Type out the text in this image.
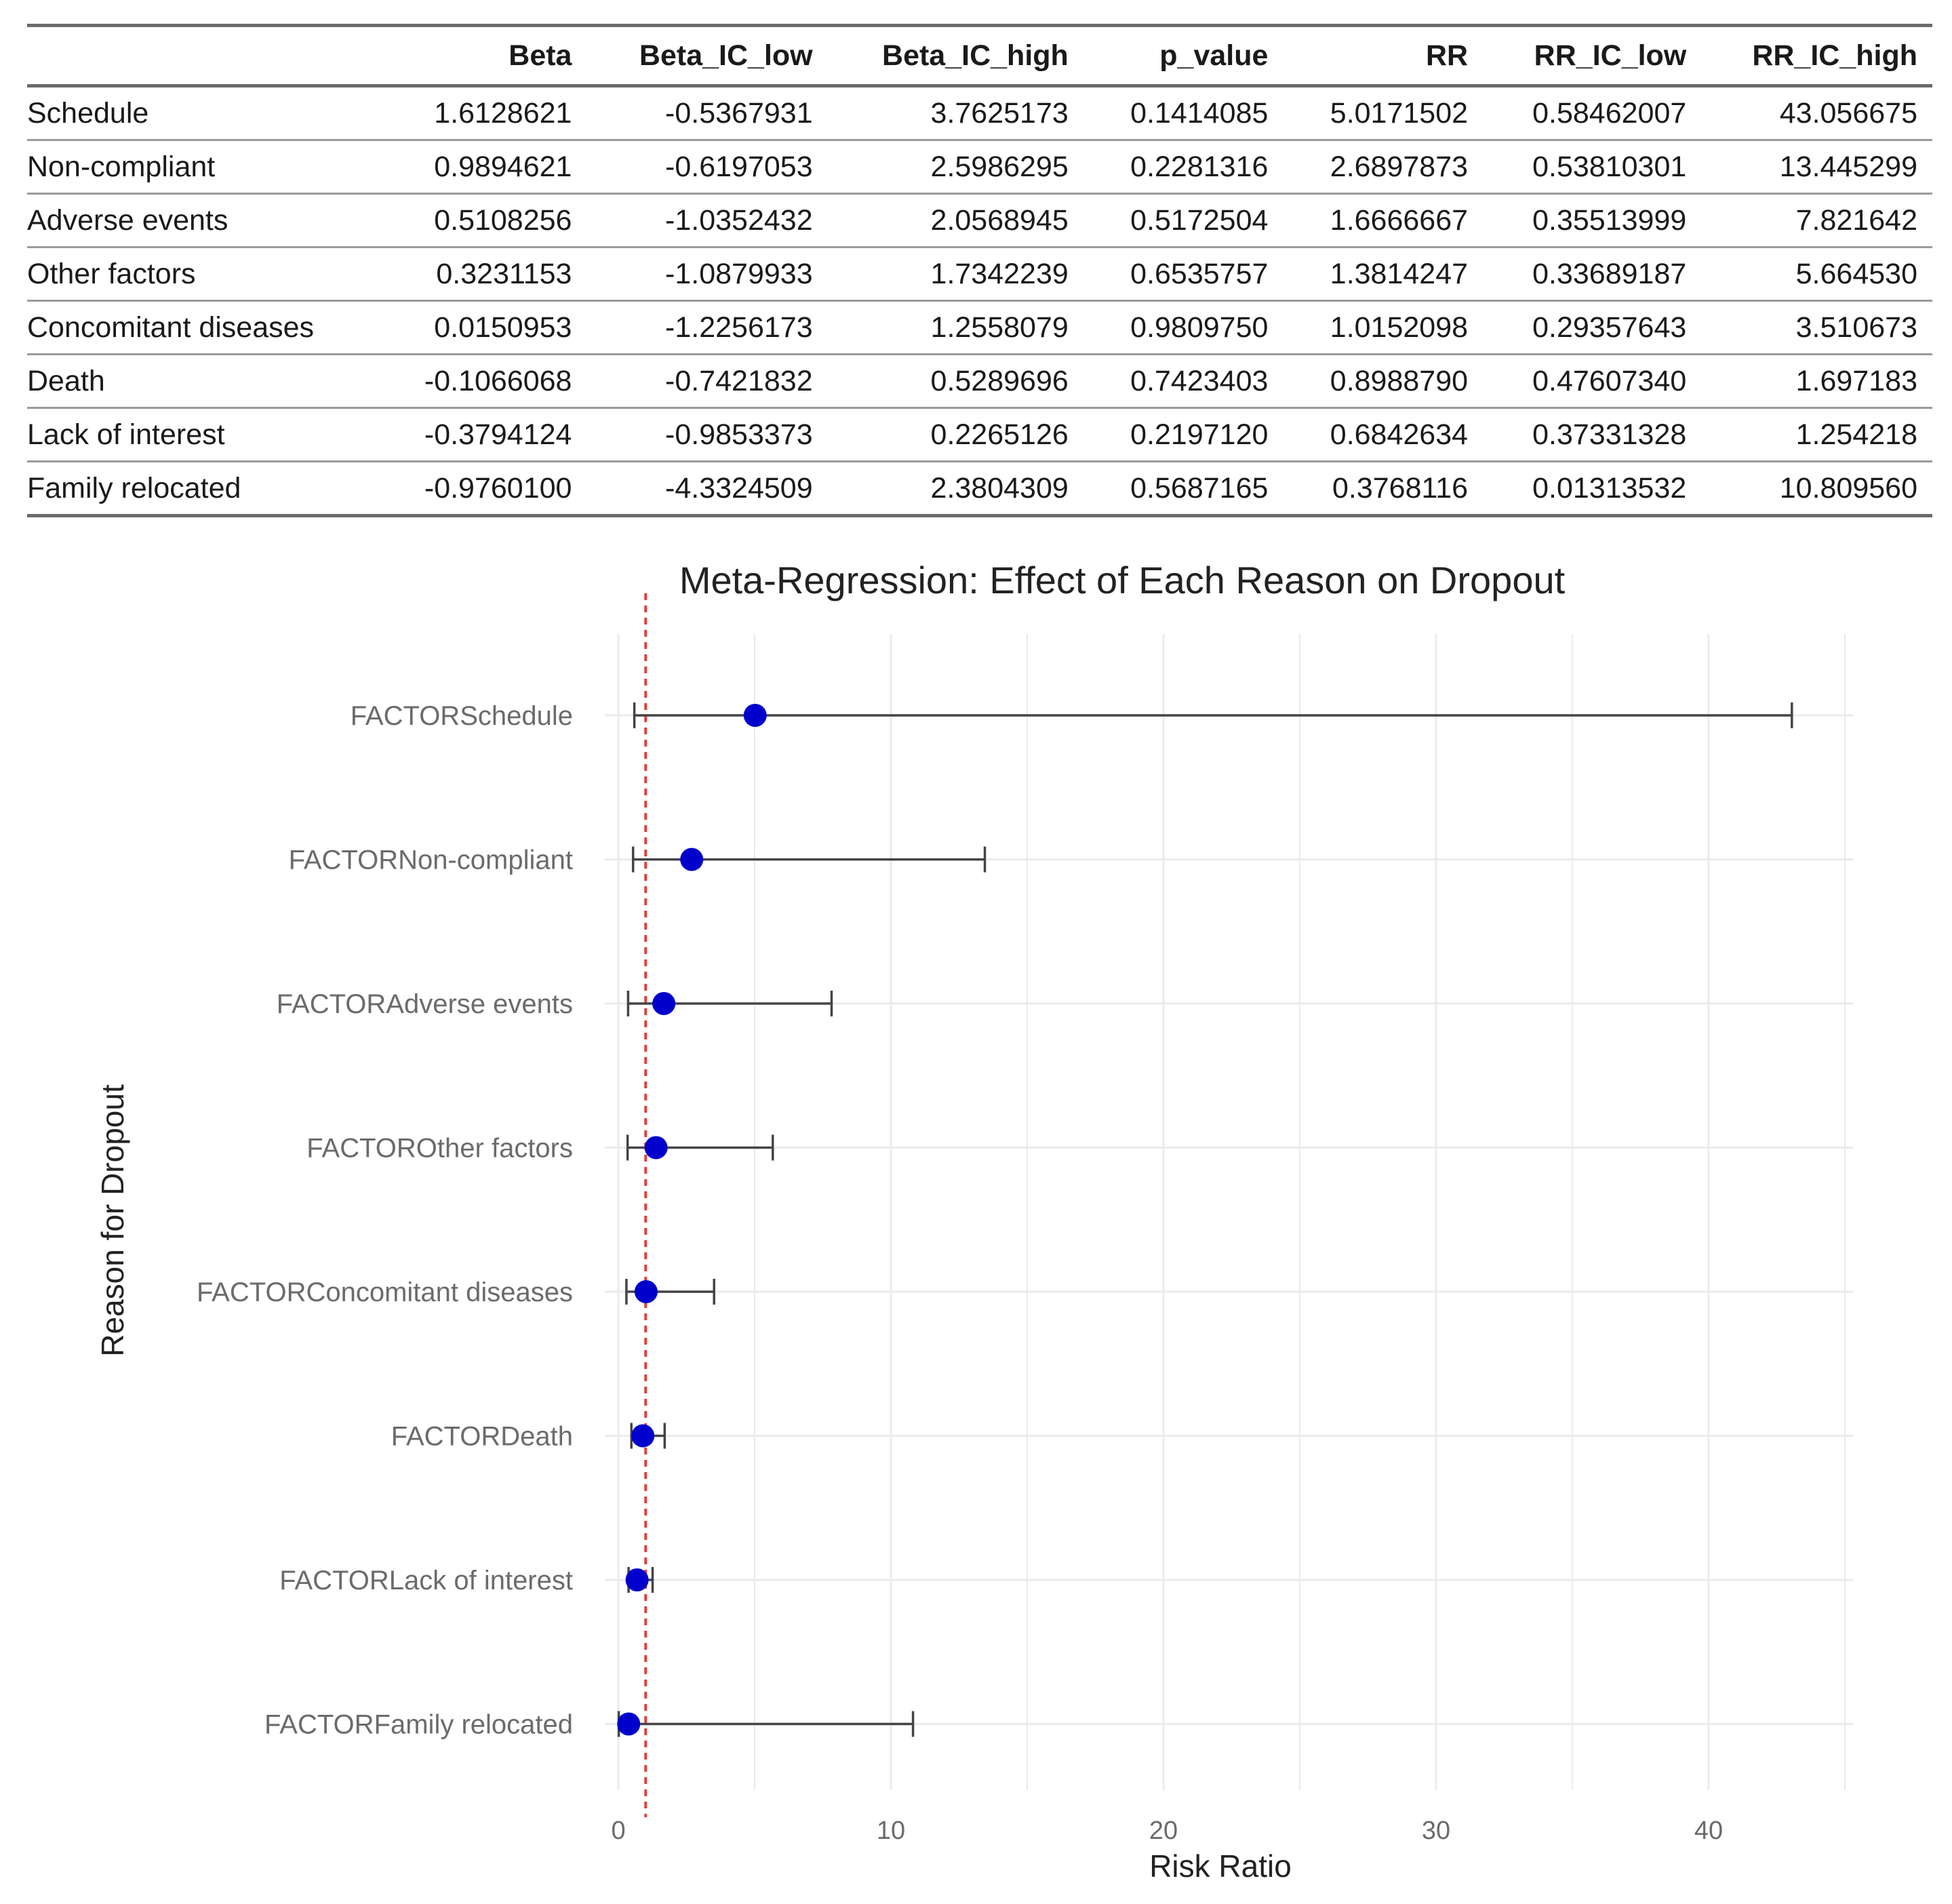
	Beta	Beta_IC_low	Beta_IC_high	p_value	RR	RR_IC_low	RR_IC_high
Schedule	1.6128621	-0.5367931	3.7625173	0.1414085	5.0171502	0.58462007	43.056675
Non-compliant	0.9894621	-0.6197053	2.5986295	0.2281316	2.6897873	0.53810301	13.445299
Adverse events	0.5108256	-1.0352432	2.0568945	0.5172504	1.6666667	0.35513999	7.821642
Other factors	0.3231153	-1.0879933	1.7342239	0.6535757	1.3814247	0.33689187	5.664530
Concomitant diseases	0.0150953	-1.2256173	1.2558079	0.9809750	1.0152098	0.29357643	3.510673
Death	-0.1066068	-0.7421832	0.5289696	0.7423403	0.8988790	0.47607340	1.697183
Lack of interest	-0.3794124	-0.9853373	0.2265126	0.2197120	0.6842634	0.37331328	1.254218
Family relocated	-0.9760100	-4.3324509	2.3804309	0.5687165	0.3768116	0.01313532	10.809560
0	10	20	30	40
FACTORSchedule
FACTORNon-compliant
FACTORAdverse events
FACTOROther factors
FACTORConcomitant diseases
FACTORDeath
FACTORLack of interest
FACTORFamily relocated
Meta-Regression: Effect of Each Reason on Dropout
Risk Ratio
Reason for Dropout
